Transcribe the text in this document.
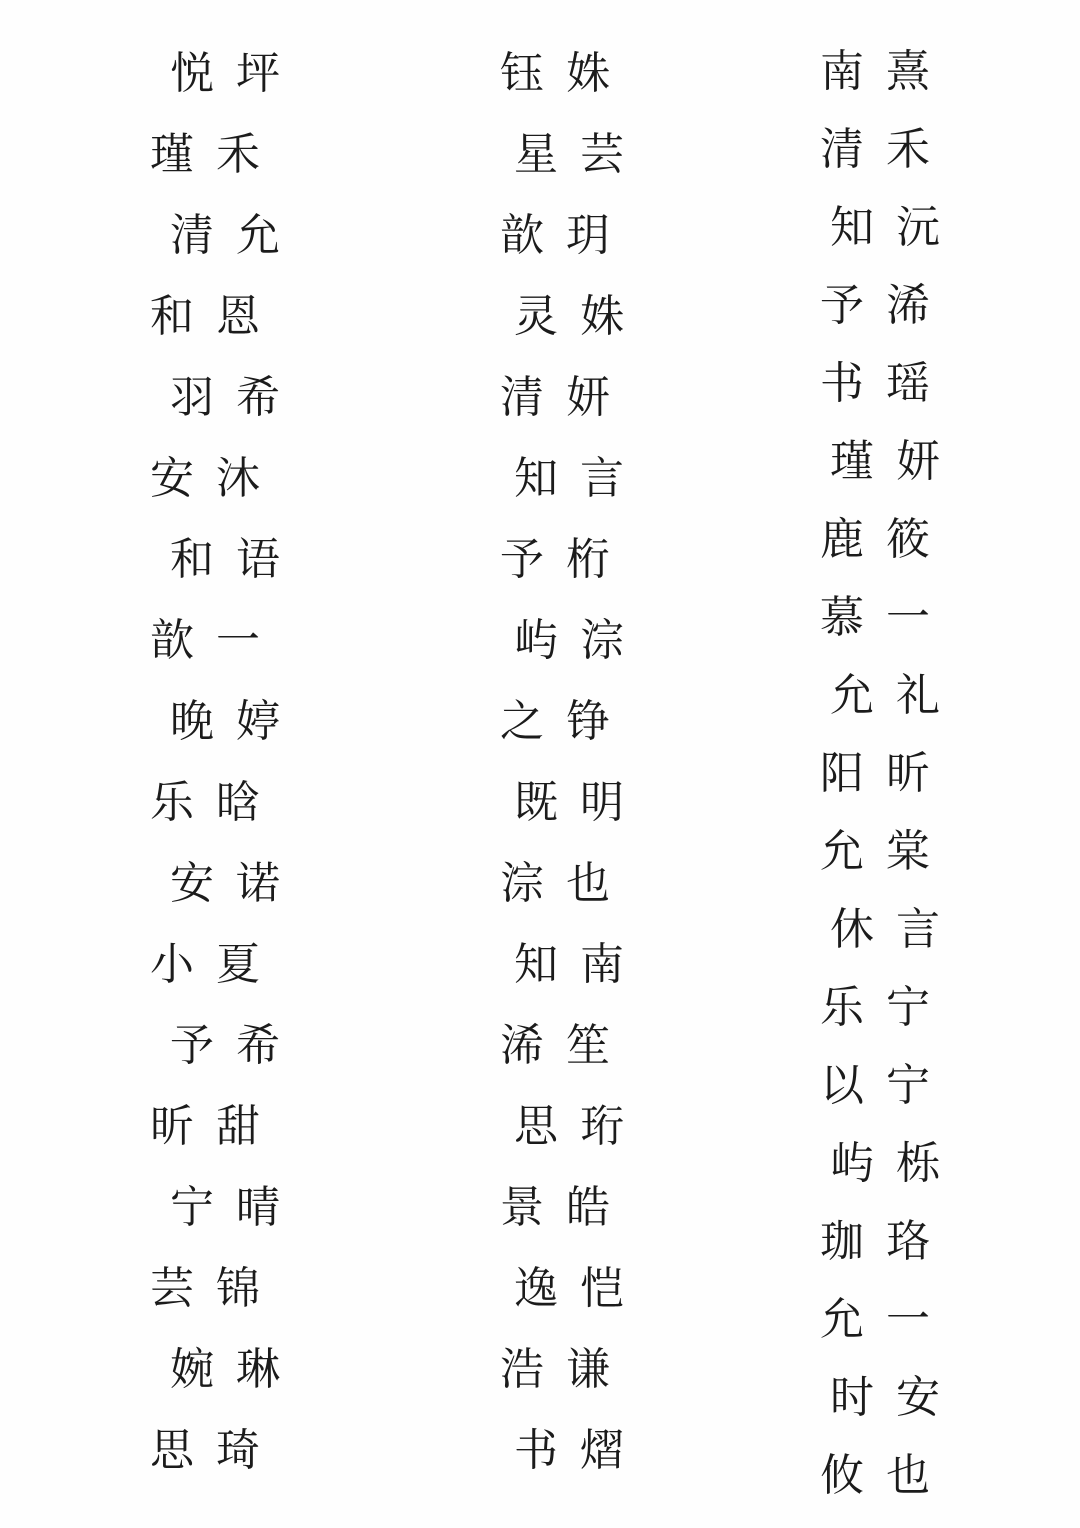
悦坪
瑾禾
清允
和恩
羽希
安沐
和语
歆一
晚婷
乐晗
安诺
小夏
予希
昕甜
宁晴
芸锦
婉琳
思琦
钰姝
星芸
歆玥
灵姝
清妍
知言
予桁
屿淙
之铮
既明
淙也
知南
浠笙
思珩
景皓
逸恺
浩谦
书熠
南熹
清禾
知沅
予浠
书瑶
瑾妍
鹿筱
慕一
允礼
阳昕
允棠
休言
乐宁
以宁
屿栎
珈珞
允一
时安
攸也
